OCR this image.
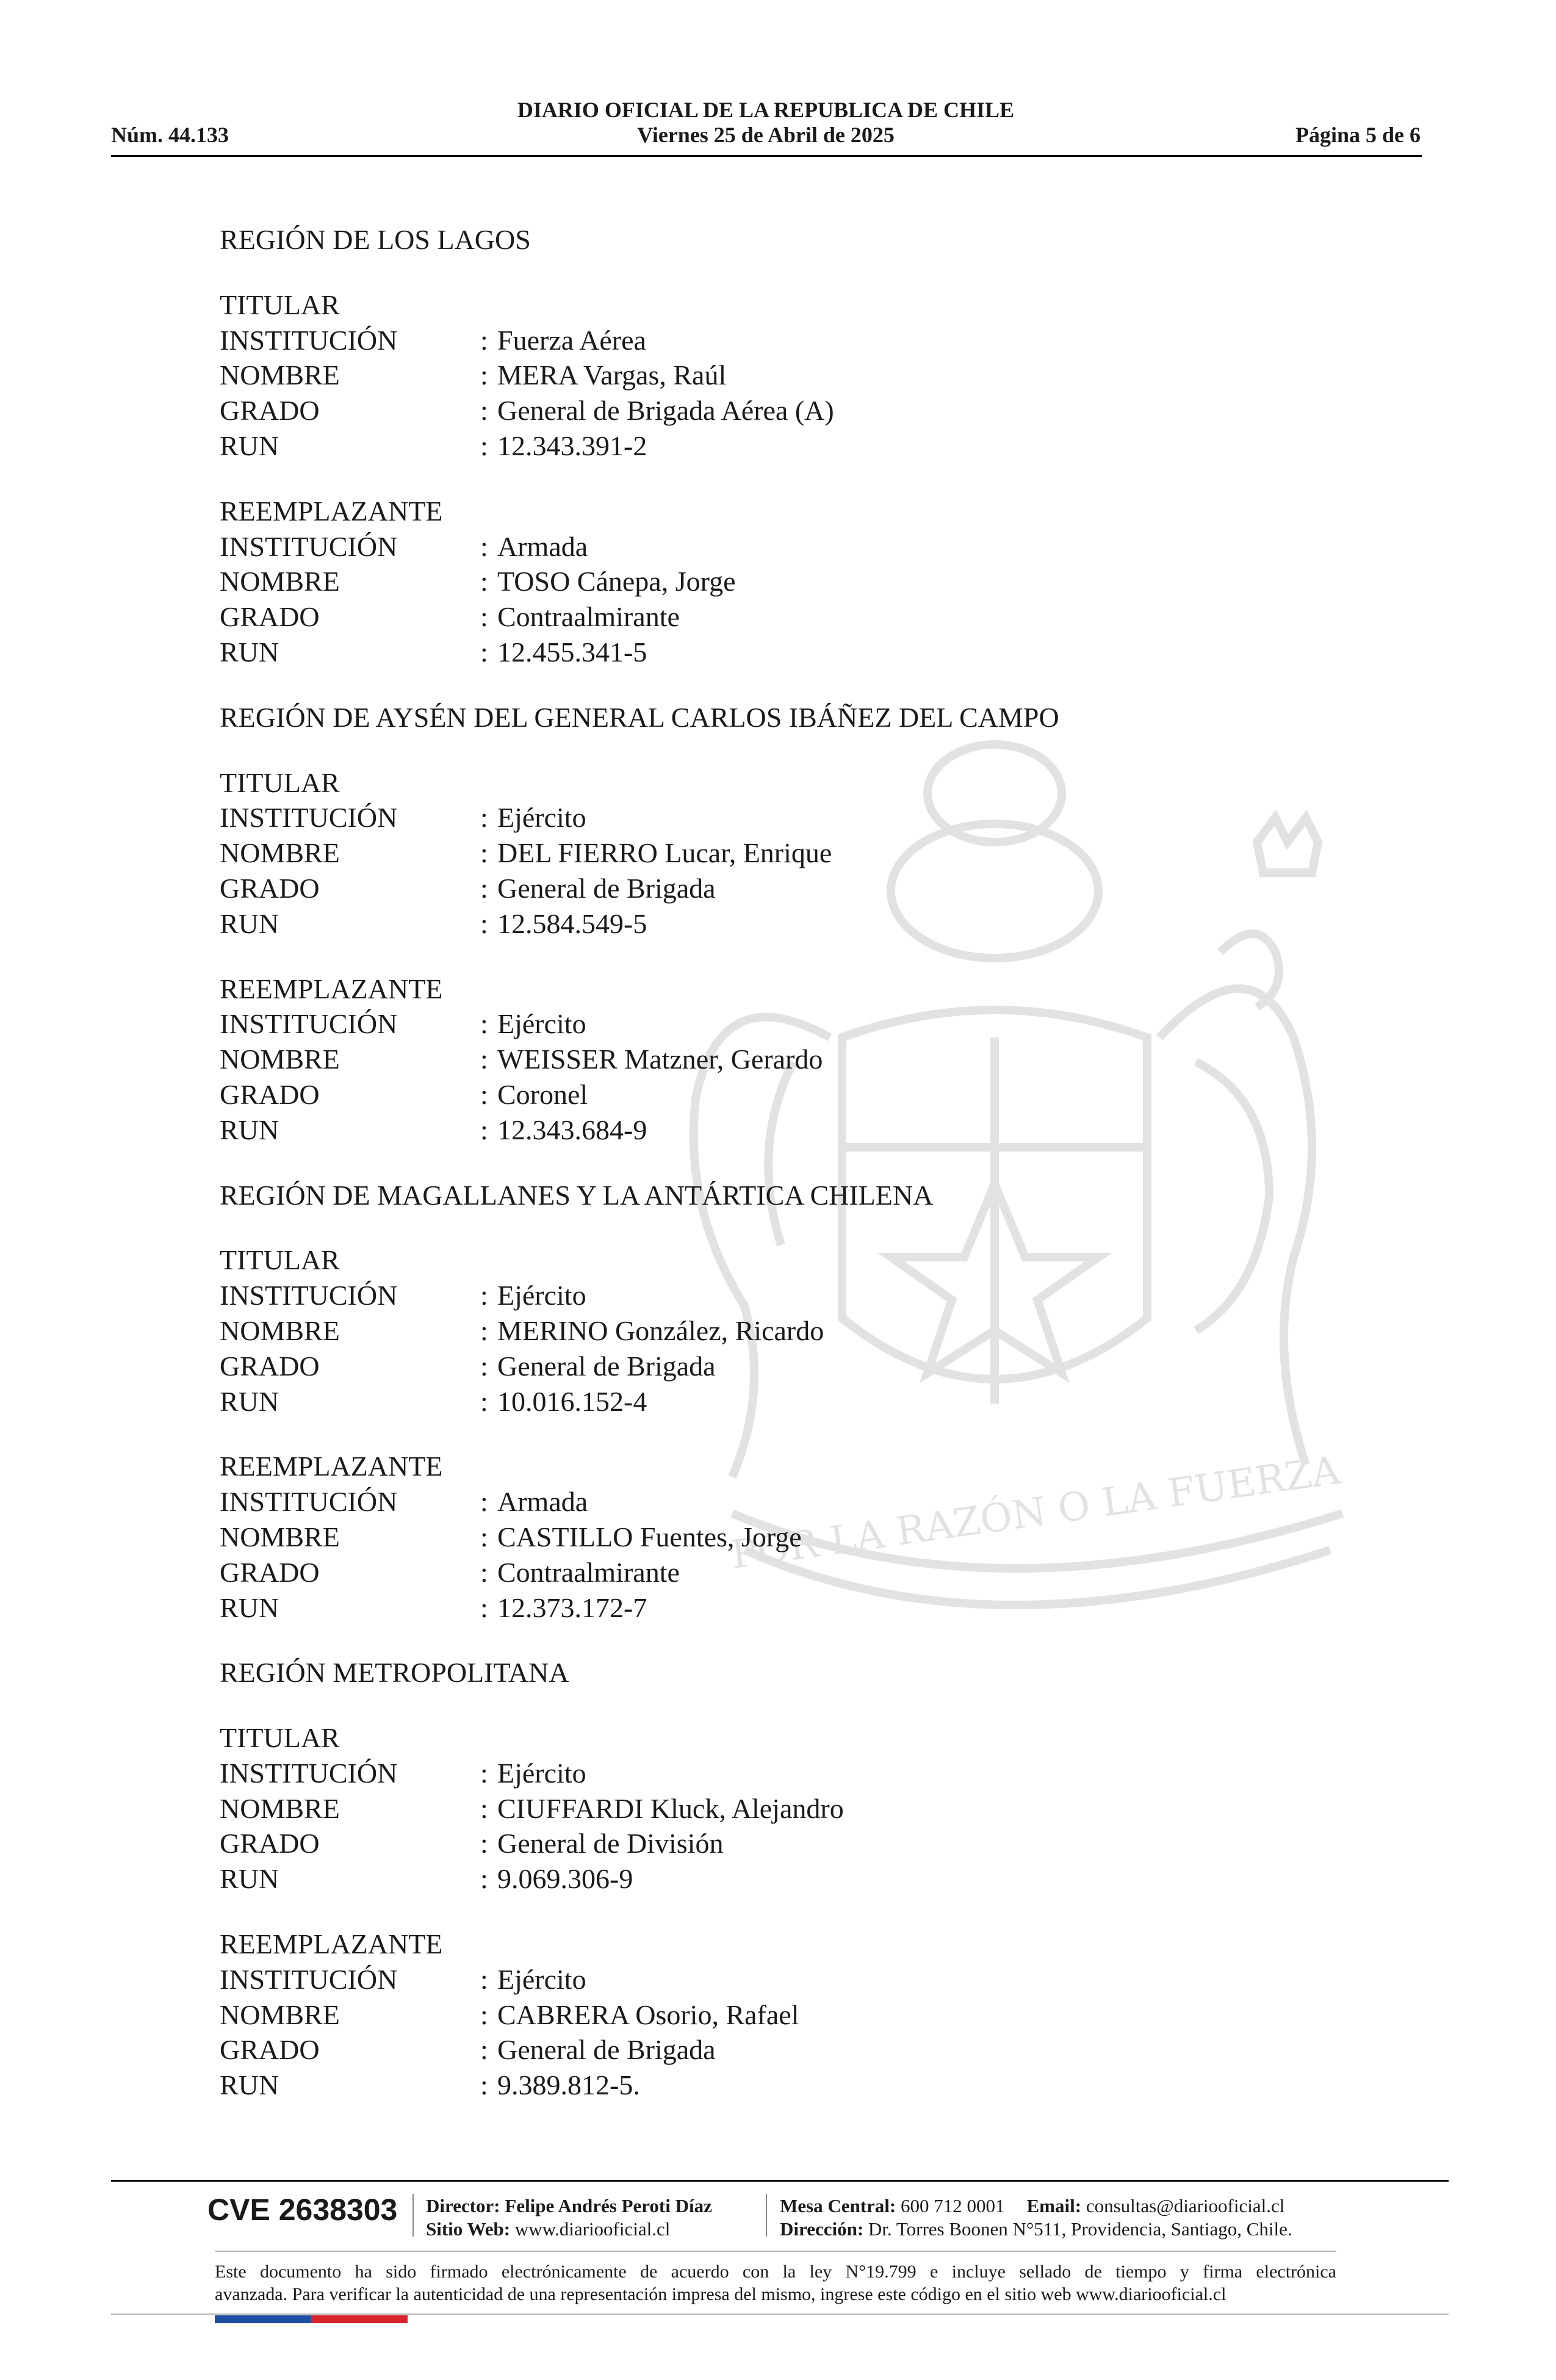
DIARIO OFICIAL DE LA REPUBLICA DE CHILE
Núm. 44.133	Viernes 25 de Abril de 2025	Página 5 de 6
POR LA RAZÓN O LA FUERZA
REGIÓN DE LOS LAGOS
TITULAR
INSTITUCIÓN	: Fuerza Aérea
NOMBRE	: MERA Vargas, Raúl
GRADO	: General de Brigada Aérea (A)
RUN	: 12.343.391-2
REEMPLAZANTE
INSTITUCIÓN	: Armada
NOMBRE	: TOSO Cánepa, Jorge
GRADO	: Contraalmirante
RUN	: 12.455.341-5
REGIÓN DE AYSÉN DEL GENERAL CARLOS IBÁÑEZ DEL CAMPO
TITULAR
INSTITUCIÓN	: Ejército
NOMBRE	: DEL FIERRO Lucar, Enrique
GRADO	: General de Brigada
RUN	: 12.584.549-5
REEMPLAZANTE
INSTITUCIÓN	: Ejército
NOMBRE	: WEISSER Matzner, Gerardo
GRADO	: Coronel
RUN	: 12.343.684-9
REGIÓN DE MAGALLANES Y LA ANTÁRTICA CHILENA
TITULAR
INSTITUCIÓN	: Ejército
NOMBRE	: MERINO González, Ricardo
GRADO	: General de Brigada
RUN	: 10.016.152-4
REEMPLAZANTE
INSTITUCIÓN	: Armada
NOMBRE	: CASTILLO Fuentes, Jorge
GRADO	: Contraalmirante
RUN	: 12.373.172-7
REGIÓN METROPOLITANA
TITULAR
INSTITUCIÓN	: Ejército
NOMBRE	: CIUFFARDI Kluck, Alejandro
GRADO	: General de División
RUN	: 9.069.306-9
REEMPLAZANTE
INSTITUCIÓN	: Ejército
NOMBRE	: CABRERA Osorio, Rafael
GRADO	: General de Brigada
RUN	: 9.389.812-5.
CVE 2638303 Director: Felipe Andrés Peroti Díaz
Sitio Web: www.diariooficial.cl
Mesa Central: 600 712 0001 Email: consultas@diariooficial.cl
Dirección: Dr. Torres Boonen N°511, Providencia, Santiago, Chile.
Este documento ha sido firmado electrónicamente de acuerdo con la ley N°19.799 e incluye sellado de tiempo y firma electrónica
avanzada. Para verificar la autenticidad de una representación impresa del mismo, ingrese este código en el sitio web www.diariooficial.cl
